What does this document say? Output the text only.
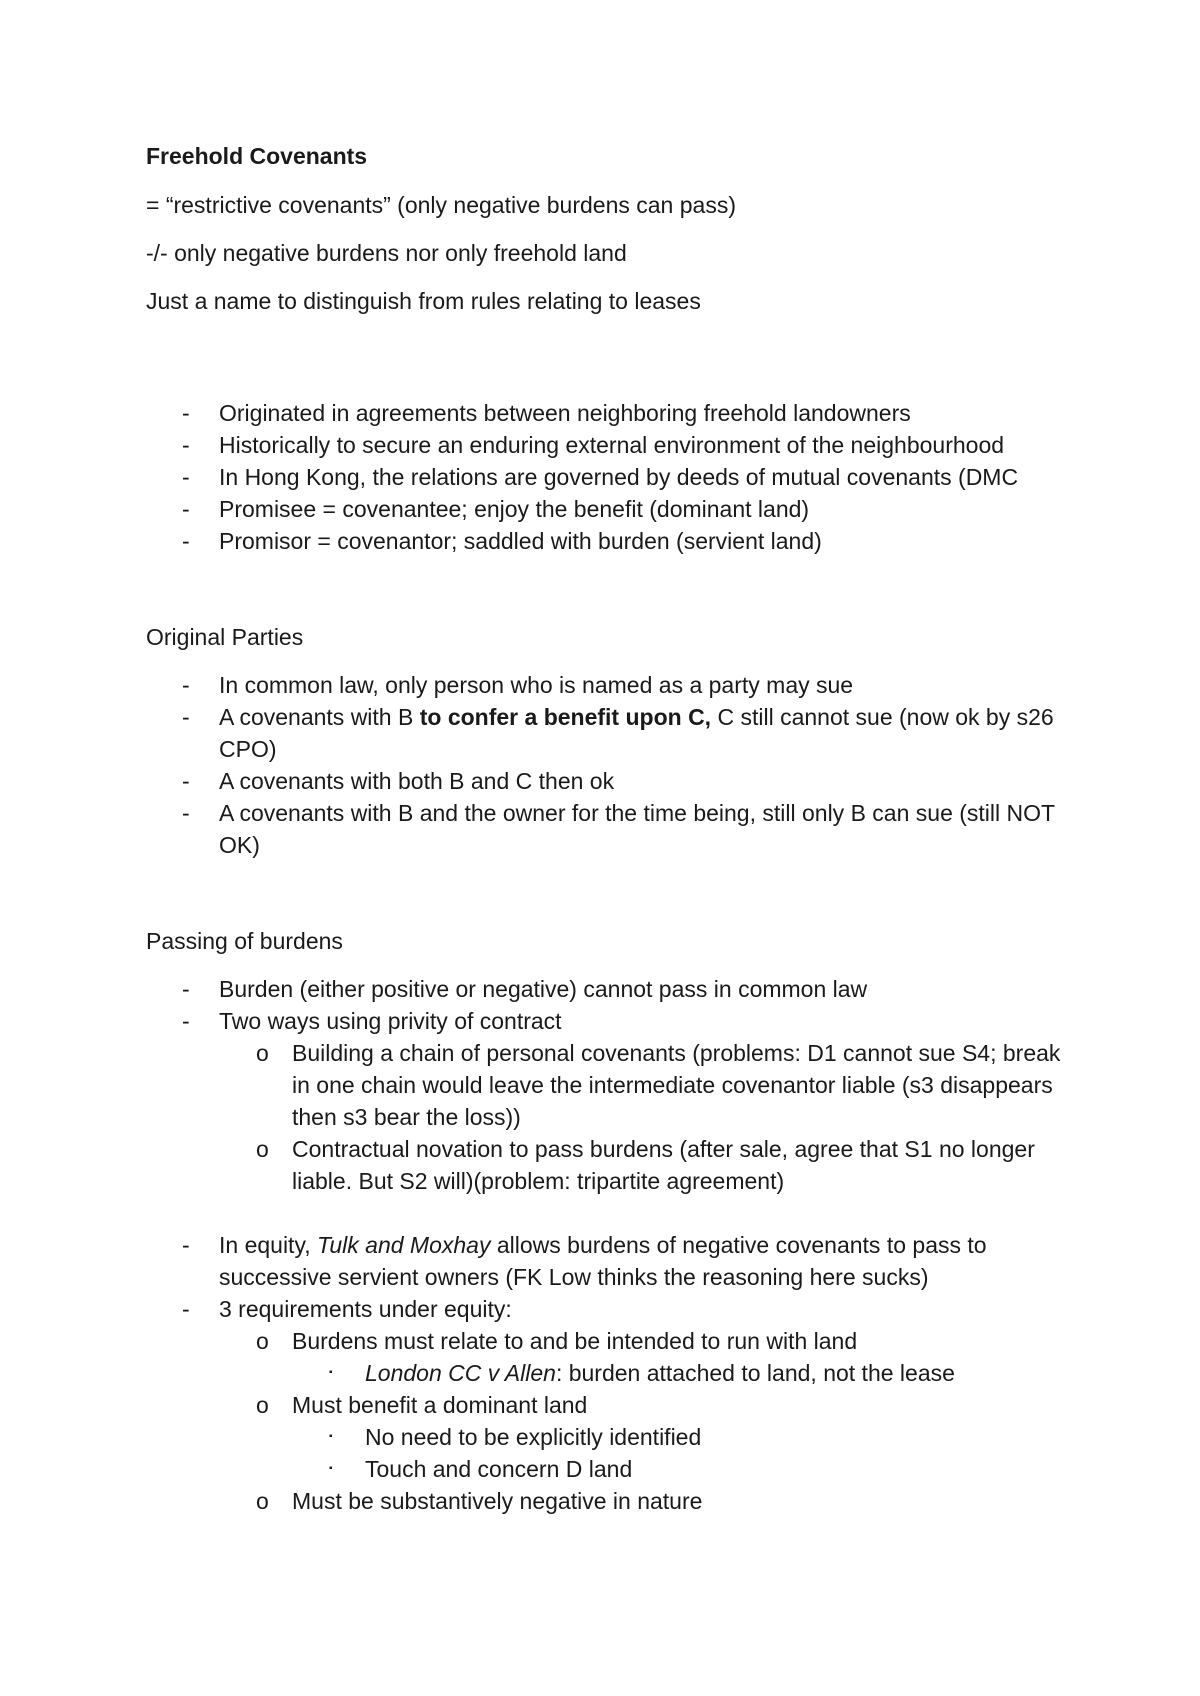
Freehold Covenants
= “restrictive covenants” (only negative burdens can pass)
-/- only negative burdens nor only freehold land
Just a name to distinguish from rules relating to leases
-	Originated in agreements between neighboring freehold landowners
-	Historically to secure an enduring external environment of the neighbourhood
-	In Hong Kong, the relations are governed by deeds of mutual covenants (DMC
-	Promisee = covenantee; enjoy the benefit (dominant land)
-	Promisor = covenantor; saddled with burden (servient land)
Original Parties
-	In common law, only person who is named as a party may sue
-	A covenants with B to confer a benefit upon C, C still cannot sue (now ok by s26 CPO)
-	A covenants with both B and C then ok
-	A covenants with B and the owner for the time being, still only B can sue (still NOT OK)
Passing of burdens
-	Burden (either positive or negative) cannot pass in common law
-	Two ways using privity of contract
o	Building a chain of personal covenants (problems: D1 cannot sue S4; break in one chain would leave the intermediate covenantor liable (s3 disappears then s3 bear the loss))
o	Contractual novation to pass burdens (after sale, agree that S1 no longer liable. But S2 will)(problem: tripartite agreement)
-	In equity, Tulk and Moxhay allows burdens of negative covenants to pass to successive servient owners (FK Low thinks the reasoning here sucks)
-	3 requirements under equity:
o	Burdens must relate to and be intended to run with land
▪	London CC v Allen: burden attached to land, not the lease
o	Must benefit a dominant land
▪	No need to be explicitly identified
▪	Touch and concern D land
o	Must be substantively negative in nature
